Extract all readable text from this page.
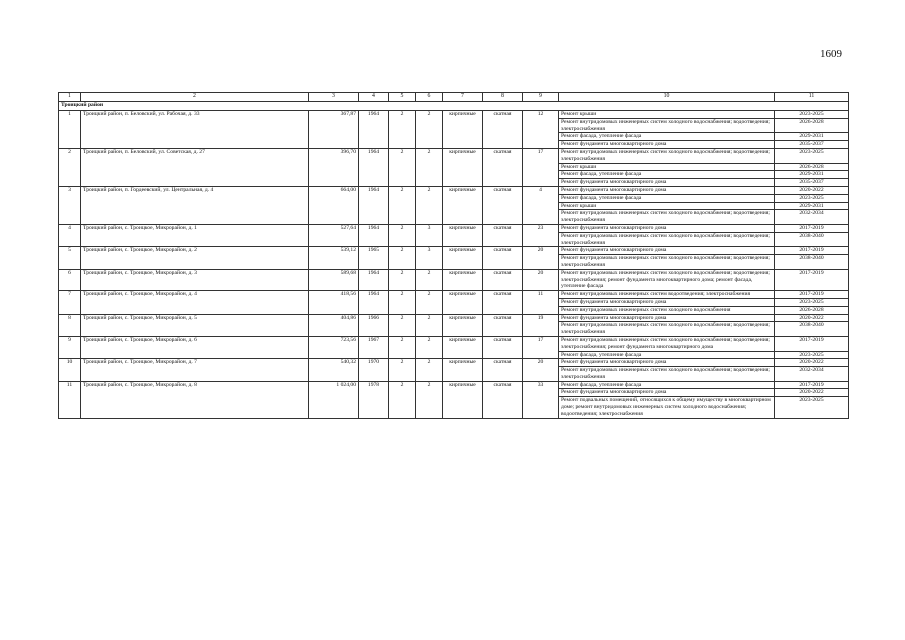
1609
1	2	3	4	5	6	7	8	9	10	11
Троицкий район										
1	Троицкий район, п. Беловский, ул. Рабочая, д. 33	367,87	1964	2	2	кирпичные	скатная	12	Ремонт крыши	2023-2025
									Ремонт внутридомовых инженерных систем холодного водоснабжения; водоотведения; электроснабжения	2026-2028
									Ремонт фасада, утепление фасада	2029-2031
									Ремонт фундамента многоквартирного дома	2035-2037
2	Троицкий район, п. Беловский, ул. Советская, д. 27	396,70	1964	2	2	кирпичные	скатная	17	Ремонт внутридомовых инженерных систем холодного водоснабжения; водоотведения; электроснабжения	2023-2025
									Ремонт крыши	2026-2028
									Ремонт фасада, утепление фасада	2029-2031
									Ремонт фундамента многоквартирного дома	2035-2037
3	Троицкий район, п. Гордеевский, ул. Центральная, д. 4	664,00	1964	2	2	кирпичные	скатная	4	Ремонт фундамента многоквартирного дома	2020-2022
									Ремонт фасада, утепление фасада	2023-2025
									Ремонт крыши	2029-2031
									Ремонт внутридомовых инженерных систем холодного водоснабжения; водоотведения; электроснабжения	2032-2034
4	Троицкий район, с. Троицкое, Микрорайон, д. 1	527,64	1964	2	3	кирпичные	скатная	23	Ремонт фундамента многоквартирного дома	2017-2019
									Ремонт внутридомовых инженерных систем холодного водоснабжения; водоотведения; электроснабжения	2038-2040
5	Троицкий район, с. Троицкое, Микрорайон, д. 2	539,12	1965	2	3	кирпичные	скатная	20	Ремонт фундамента многоквартирного дома	2017-2019
									Ремонт внутридомовых инженерных систем холодного водоснабжения; водоотведения; электроснабжения	2038-2040
6	Троицкий район, с. Троицкое, Микрорайон, д. 3	589,68	1964	2	2	кирпичные	скатная	20	Ремонт внутридомовых инженерных систем холодного водоснабжения; водоотведения; электроснабжения; ремонт фундамента многоквартирного дома; ремонт фасада, утепление фасада	2017-2019
7	Троицкий район, с. Троицкое, Микрорайон, д. 4	418,56	1964	2	2	кирпичные	скатная	11	Ремонт внутридомовых инженерных систем водоотведения; электроснабжения	2017-2019
									Ремонт фундамента многоквартирного дома	2023-2025
									Ремонт внутридомовых инженерных систем холодного водоснабжения	2026-2028
8	Троицкий район, с. Троицкое, Микрорайон, д. 5	404,86	1966	2	2	кирпичные	скатная	19	Ремонт фундамента многоквартирного дома	2020-2022
									Ремонт внутридомовых инженерных систем холодного водоснабжения; водоотведения; электроснабжения	2038-2040
9	Троицкий район, с. Троицкое, Микрорайон, д. 6	723,56	1967	2	2	кирпичные	скатная	17	Ремонт внутридомовых инженерных систем холодного водоснабжения; водоотведения; электроснабжения; ремонт фундамента многоквартирного дома	2017-2019
									Ремонт фасада, утепление фасада	2023-2025
10	Троицкий район, с. Троицкое, Микрорайон, д. 7	540,32	1970	2	2	кирпичные	скатная	20	Ремонт фундамента многоквартирного дома	2020-2022
									Ремонт внутридомовых инженерных систем холодного водоснабжения; водоотведения; электроснабжения	2032-2034
11	Троицкий район, с. Троицкое, Микрорайон, д. 8	1 024,00	1978	2	2	кирпичные	скатная	33	Ремонт фасада, утепление фасада	2017-2019
									Ремонт фундамента многоквартирного дома	2020-2022
									Ремонт подвальных помещений, относящихся к общему имуществу в многоквартирном доме; ремонт внутридомовых инженерных систем холодного водоснабжения; водоотведения; электроснабжения	2023-2025
